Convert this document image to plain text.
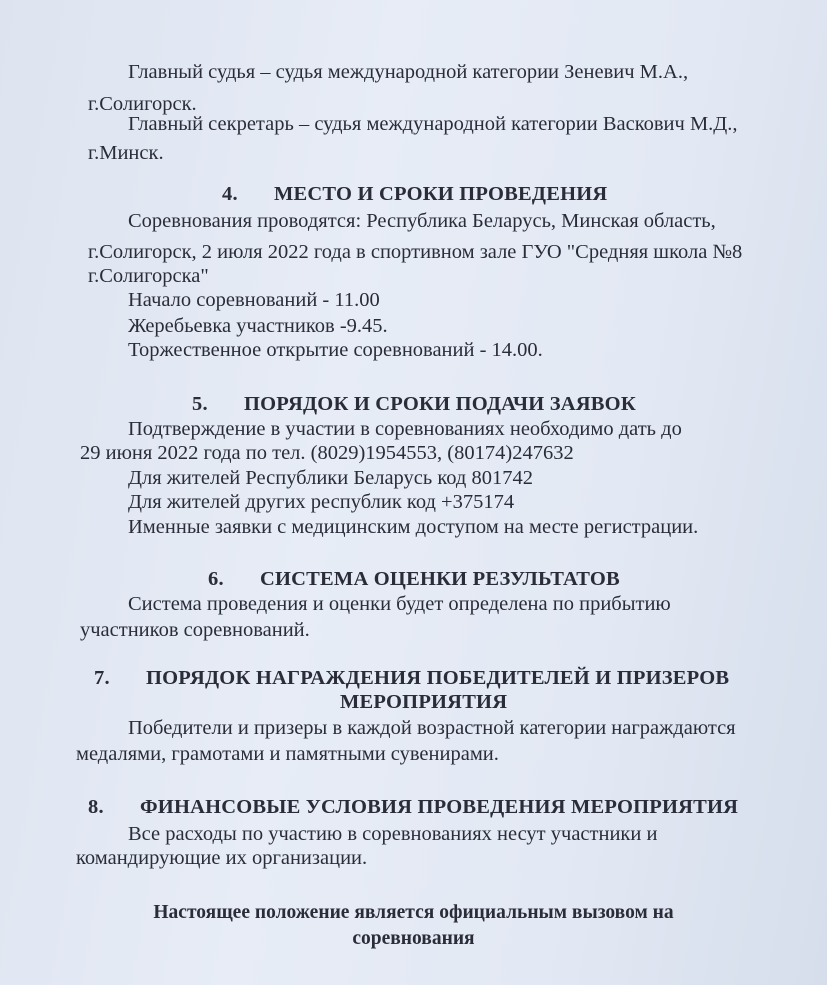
Главный судья – судья международной категории Зеневич М.А.,
г.Солигорск.
Главный секретарь – судья международной категории Васкович М.Д.,
г.Минск.
4. МЕСТО И СРОКИ ПРОВЕДЕНИЯ
Соревнования проводятся: Республика Беларусь, Минская область,
г.Солигорск, 2 июля 2022 года в спортивном зале ГУО "Средняя школа №8
г.Солигорска"
Начало соревнований - 11.00
Жеребьевка участников -9.45.
Торжественное открытие соревнований - 14.00.
5. ПОРЯДОК И СРОКИ ПОДАЧИ ЗАЯВОК
Подтверждение в участии в соревнованиях необходимо дать до
29 июня 2022 года по тел. (8029)1954553, (80174)247632
Для жителей Республики Беларусь код 801742
Для жителей других республик код +375174
Именные заявки с медицинским доступом на месте регистрации.
6. СИСТЕМА ОЦЕНКИ РЕЗУЛЬТАТОВ
Система проведения и оценки будет определена по прибытию
участников соревнований.
7. ПОРЯДОК НАГРАЖДЕНИЯ ПОБЕДИТЕЛЕЙ И ПРИЗЕРОВ
МЕРОПРИЯТИЯ
Победители и призеры в каждой возрастной категории награждаются
медалями, грамотами и памятными сувенирами.
8. ФИНАНСОВЫЕ УСЛОВИЯ ПРОВЕДЕНИЯ МЕРОПРИЯТИЯ
Все расходы по участию в соревнованиях несут участники и
командирующие их организации.
Настоящее положение является официальным вызовом на
соревнования
